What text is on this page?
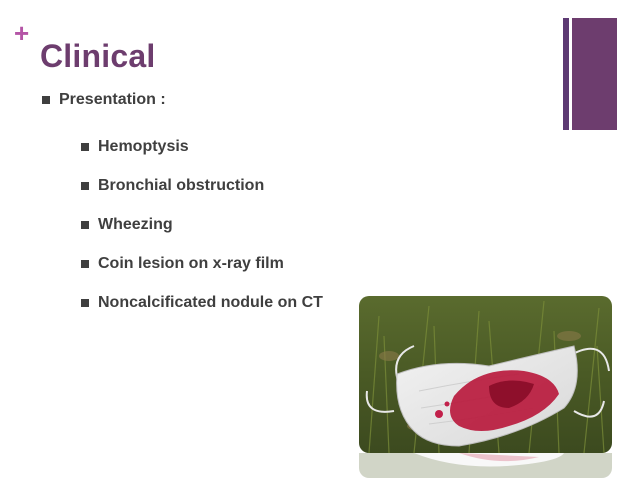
+
Clinical
Presentation :
Hemoptysis
Bronchial obstruction
Wheezing
Coin lesion on x-ray film
Noncalcificated nodule on CT
